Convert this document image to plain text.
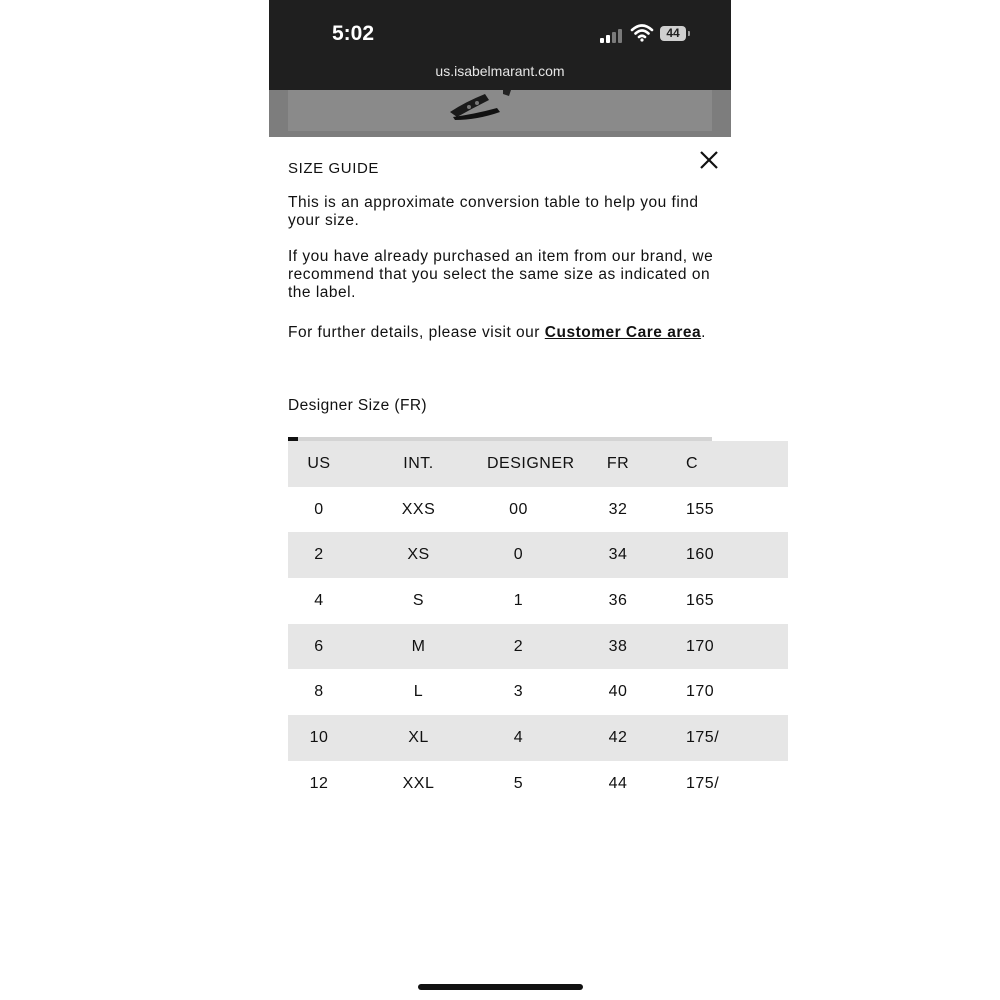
5:02	44
us.isabelmarant.com
SIZE GUIDE
This is an approximate conversion table to help you find your size.
If you have already purchased an item from our brand, we recommend that you select the same size as indicated on the label.
For further details, please visit our Customer Care area.
Designer Size (FR)
US	INT.	DESIGNER	FR	C
0	XXS	00	32	155
2	XS	0	34	160
4	S	1	36	165
6	M	2	38	170
8	L	3	40	170
10	XL	4	42	175/
12	XXL	5	44	175/
